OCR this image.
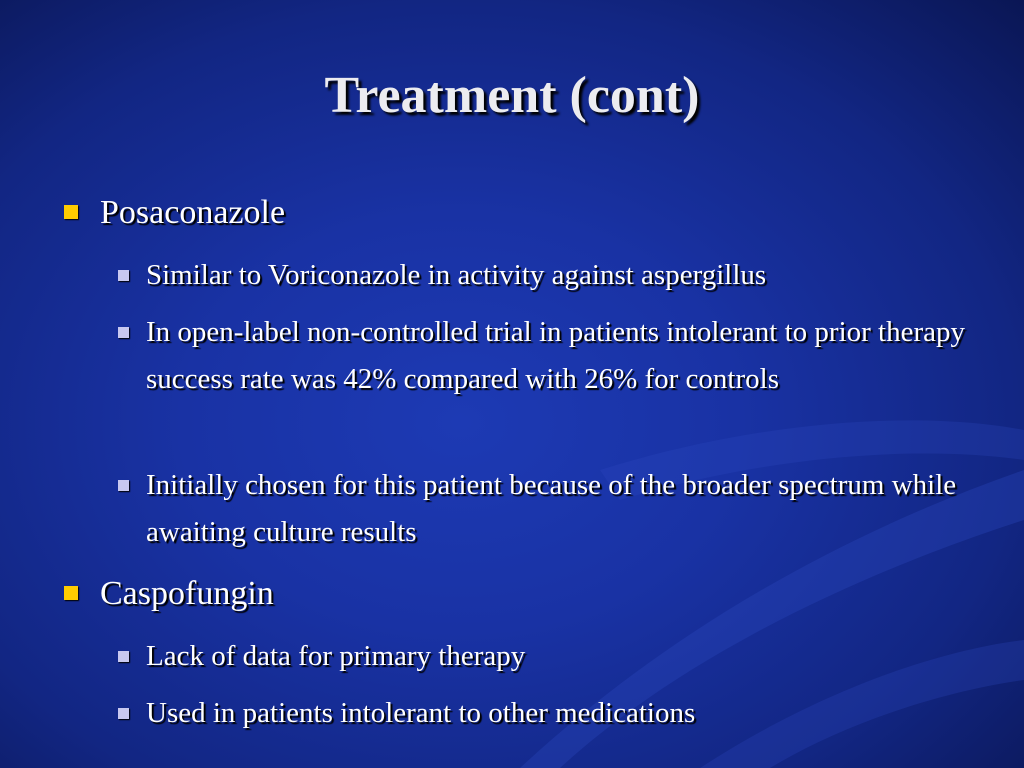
Treatment (cont)
Posaconazole
Similar to Voriconazole in activity against aspergillus
In open-label non-controlled trial in patients intolerant to prior therapy success rate was 42% compared with 26% for controls
Initially chosen for this patient because of the broader spectrum while awaiting culture results
Caspofungin
Lack of data for primary therapy
Used in patients intolerant to other medications
